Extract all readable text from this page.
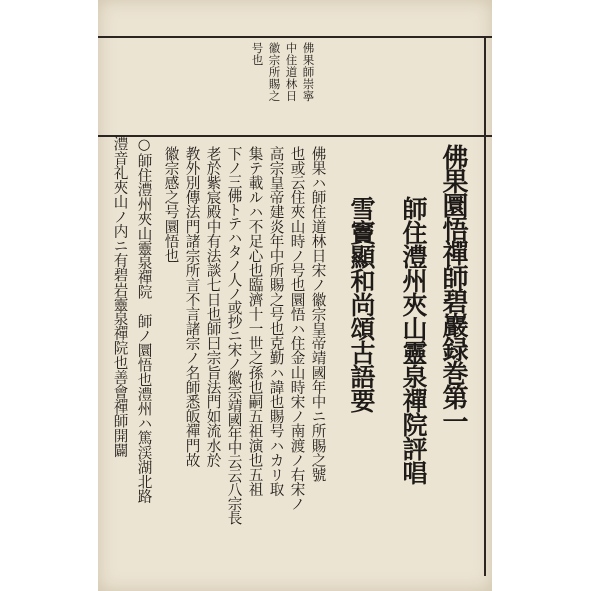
佛果師崇寧
中住道林日
徽宗所賜之
号也
佛果圜悟禪師碧巖録巻第一
師住澧州夾山靈泉禪院評唱
雪竇顯和尚頌古語要
佛果ハ師住道林日宋ノ徽宗皇帝靖國年中ニ所賜之號
也或云住夾山時ノ号也圜悟ハ住金山時宋ノ南渡ノ右宋ノ
高宗皇帝建炎年中所賜之号也克勤ハ諱也賜号ハカリ取
集テ載ルハ不足心也臨濟十一世之孫也嗣五祖演也五祖
下ノ三佛トテハタノ人ノ或抄ニ宋ノ徽宗靖國年中云云八宗長
老於紫宸殿中有法談七日也師曰宗旨法門如流水於
教外別傳法門諸宗所言不言諸宗ノ名師悉皈禪門故
徽宗感之号圜悟也
○師住澧州夾山靈泉禪院　師ノ圜悟也澧州ハ篤渓湖北路
澧音礼夾山ノ内ニ有碧岩靈泉禪院也善會禪師開闢
